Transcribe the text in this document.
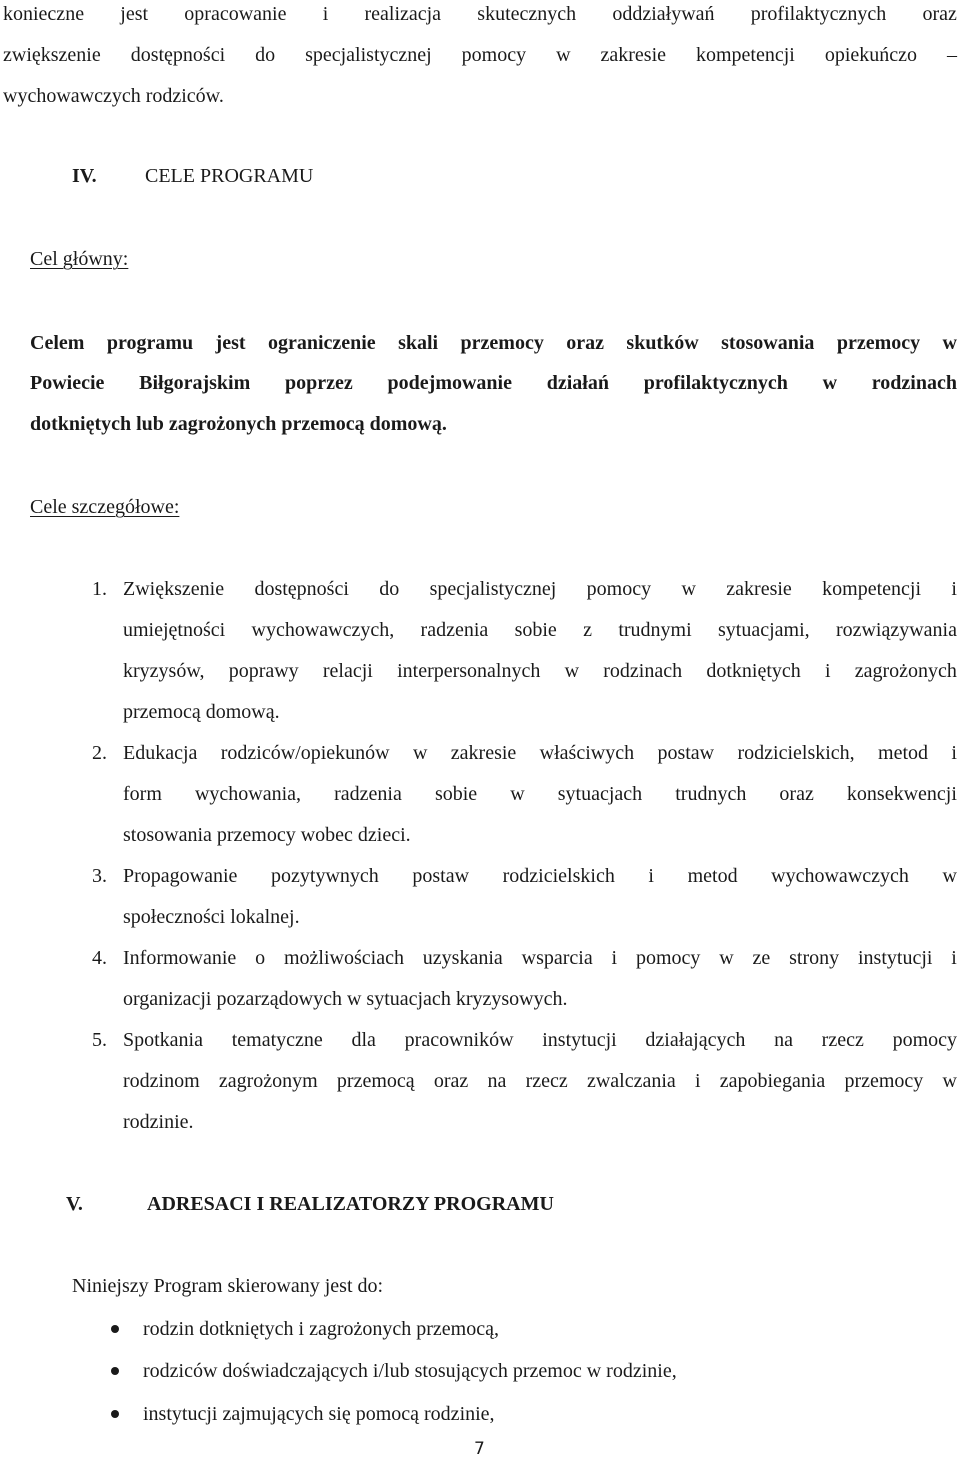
konieczne jest opracowanie i realizacja skutecznych oddziaływań profilaktycznych oraz
zwiększenie dostępności do specjalistycznej pomocy w zakresie kompetencji opiekuńczo –
wychowawczych rodziców.
IV. CELE PROGRAMU
Cel główny:
Celem programu jest ograniczenie skali przemocy oraz skutków stosowania przemocy w
Powiecie Biłgorajskim poprzez podejmowanie działań profilaktycznych w rodzinach
dotkniętych lub zagrożonych przemocą domową.
Cele szczegółowe:
1. Zwiększenie dostępności do specjalistycznej pomocy w zakresie kompetencji i
umiejętności wychowawczych, radzenia sobie z trudnymi sytuacjami, rozwiązywania
kryzysów, poprawy relacji interpersonalnych w rodzinach dotkniętych i zagrożonych
przemocą domową.
2. Edukacja rodziców/opiekunów w zakresie właściwych postaw rodzicielskich, metod i
form wychowania, radzenia sobie w sytuacjach trudnych oraz konsekwencji
stosowania przemocy wobec dzieci.
3. Propagowanie pozytywnych postaw rodzicielskich i metod wychowawczych w
społeczności lokalnej.
4. Informowanie o możliwościach uzyskania wsparcia i pomocy w ze strony instytucji i
organizacji pozarządowych w sytuacjach kryzysowych.
5. Spotkania tematyczne dla pracowników instytucji działających na rzecz pomocy
rodzinom zagrożonym przemocą oraz na rzecz zwalczania i zapobiegania przemocy w
rodzinie.
V.	ADRESACI I REALIZATORZY PROGRAMU
Niniejszy Program skierowany jest do:
rodzin dotkniętych i zagrożonych przemocą,
rodziców doświadczających i/lub stosujących przemoc w rodzinie,
instytucji zajmujących się pomocą rodzinie,
7
